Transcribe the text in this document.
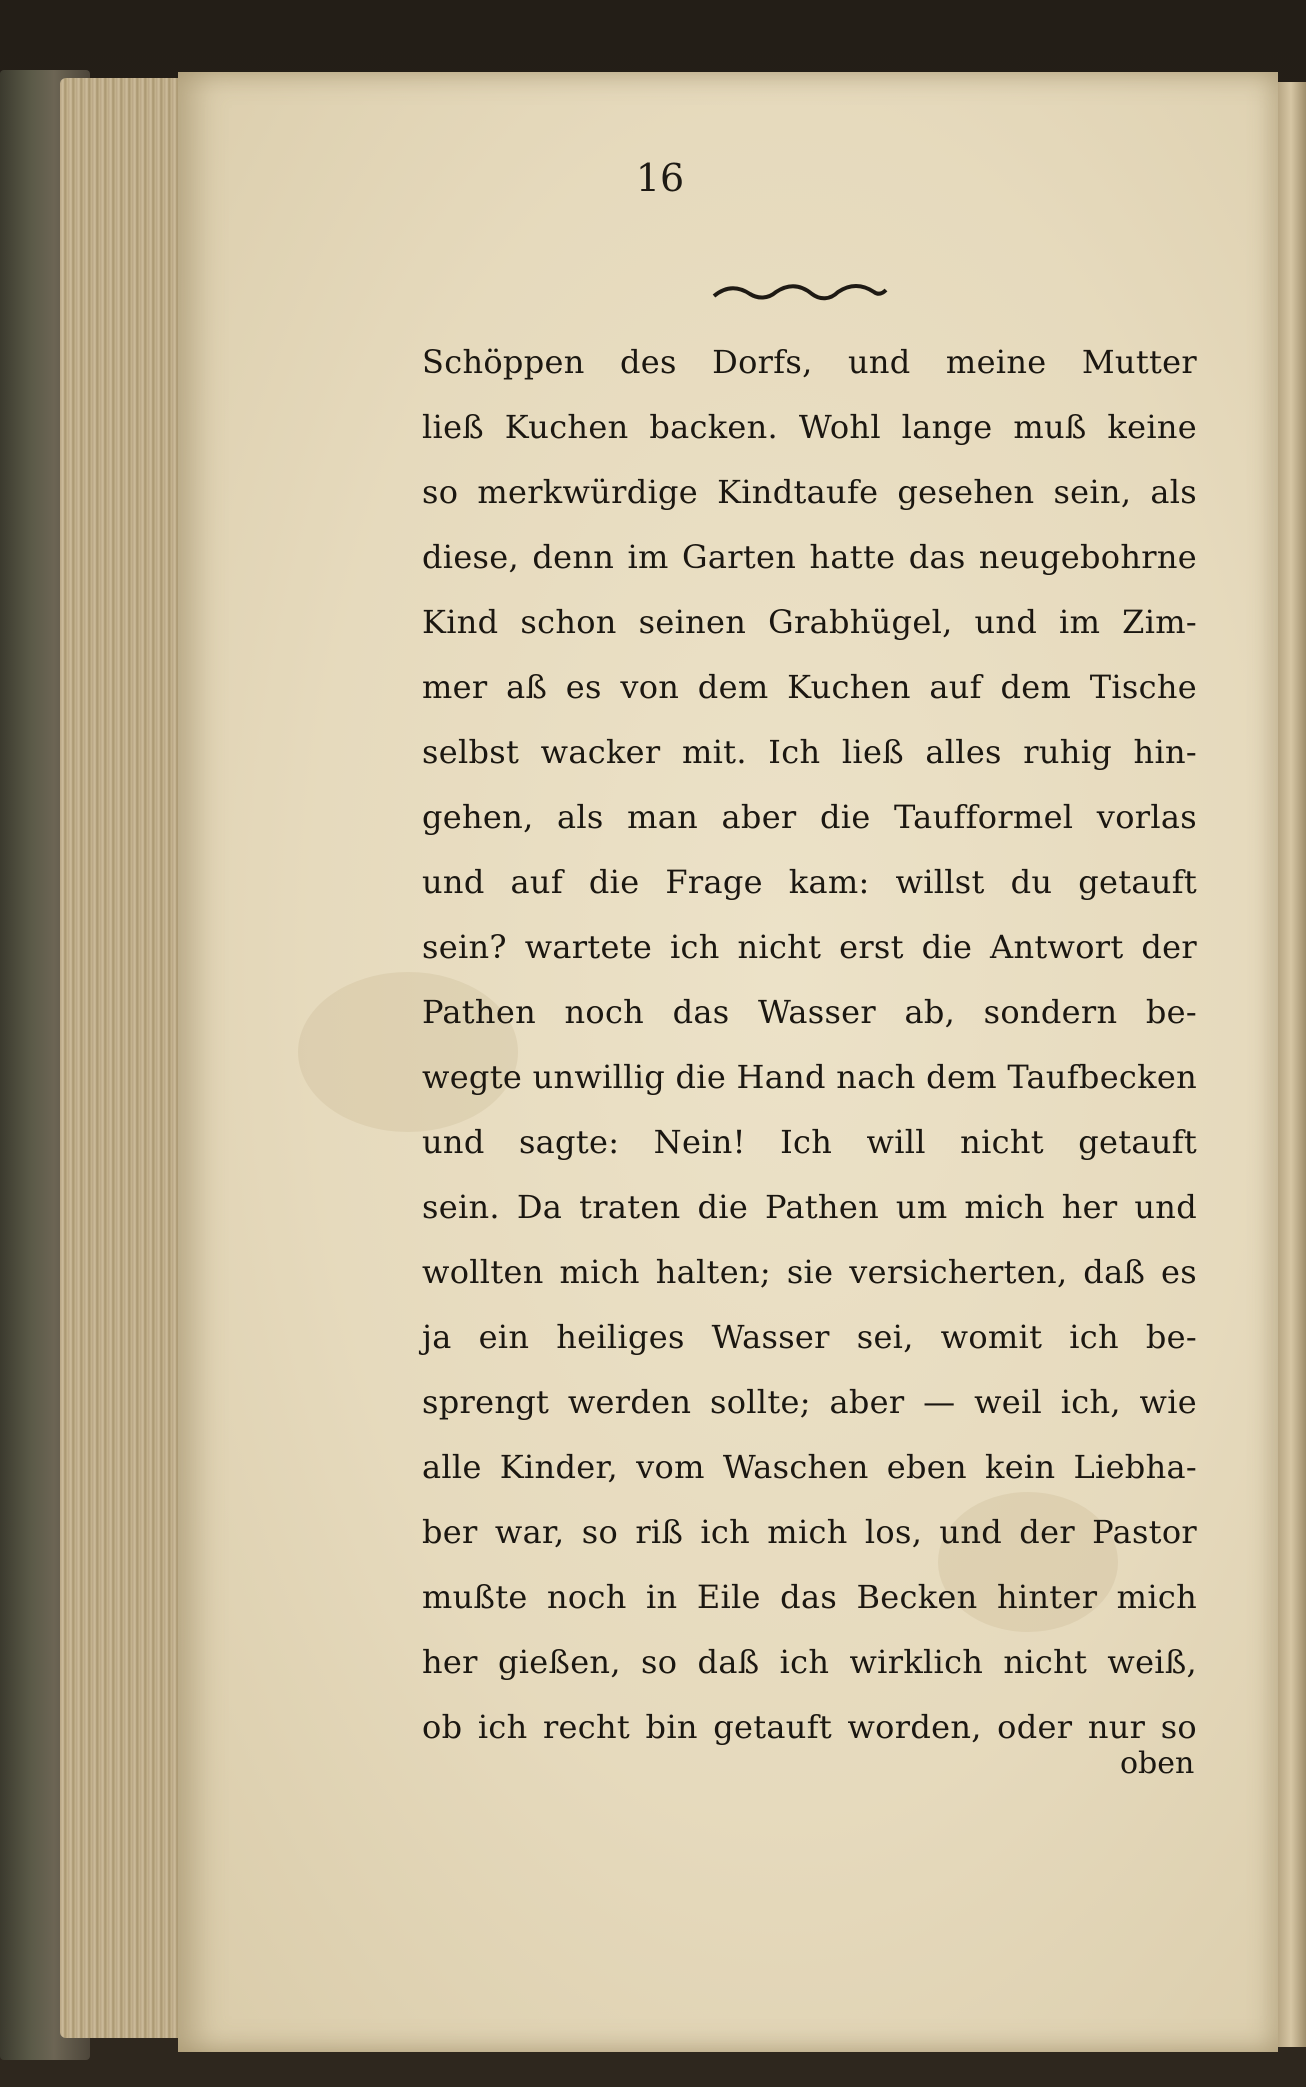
16
Schöppen des Dorfs, und meine Mutter
ließ Kuchen backen. Wohl lange muß keine
so merkwürdige Kindtaufe gesehen sein, als
diese, denn im Garten hatte das neugebohrne
Kind schon seinen Grabhügel, und im Zim-
mer aß es von dem Kuchen auf dem Tische
selbst wacker mit. Ich ließ alles ruhig hin-
gehen, als man aber die Taufformel vorlas
und auf die Frage kam: willst du getauft
sein? wartete ich nicht erst die Antwort der
Pathen noch das Wasser ab, sondern be-
wegte unwillig die Hand nach dem Taufbecken
und sagte: Nein! Ich will nicht getauft
sein. Da traten die Pathen um mich her und
wollten mich halten; sie versicherten, daß es
ja ein heiliges Wasser sei, womit ich be-
sprengt werden sollte; aber — weil ich, wie
alle Kinder, vom Waschen eben kein Liebha-
ber war, so riß ich mich los, und der Pastor
mußte noch in Eile das Becken hinter mich
her gießen, so daß ich wirklich nicht weiß,
ob ich recht bin getauft worden, oder nur so
oben
